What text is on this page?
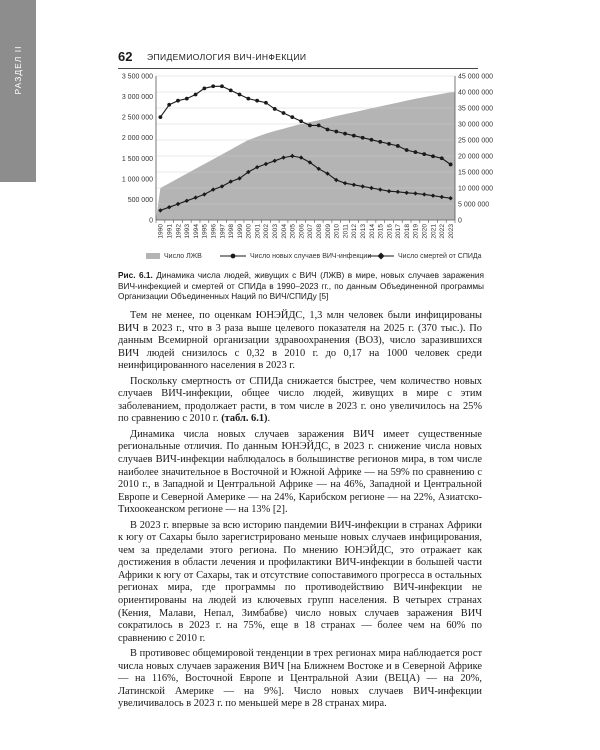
РАЗДЕЛ II	62 ЭПИДЕМИОЛОГИЯ ВИЧ-ИНФЕКЦИИ
0
500 000
1 000 000
1 500 000
2 000 000
2 500 000
3 000 000
3 500 000
0
5 000 000
10 000 000
15 000 000
20 000 000
25 000 000
30 000 000
35 000 000
40 000 000
45 000 000
1990 1991 1992 1993 1994 1995 1996 1997 1998 1999 2000 2001 2002 2003 2004 2005 2006 2007 2008 2009 2010 2011 2012 2013 2014 2015 2016 2017 2018 2019 2020 2021 2022 2023
Число ЛЖВ	Число новых случаев ВИЧ-инфекции	Число смертей от СПИДа

Рис. 6.1. Динамика числа людей, живущих с ВИЧ (ЛЖВ) в мире, новых случаев заражения ВИЧ-инфекцией и смертей от СПИДа в 1990–2023 гг., по данным Объединенной программы Организации Объединенных Наций по ВИЧ/СПИДу [5]

Тем не менее, по оценкам ЮНЭЙДС, 1,3 млн человек были инфицированы ВИЧ в 2023 г., что в 3 раза выше целевого показателя на 2025 г. (370 тыс.). По данным Всемирной организации здравоохранения (ВОЗ), число заразившихся ВИЧ людей снизилось с 0,32 в 2010 г. до 0,17 на 1000 человек среди неинфицированного населения в 2023 г.

Поскольку смертность от СПИДа снижается быстрее, чем количество новых случаев ВИЧ-инфекции, общее число людей, живущих в мире с этим заболеванием, продолжает расти, в том числе в 2023 г. оно увеличилось на 25% по сравнению с 2010 г. (табл. 6.1).

Динамика числа новых случаев заражения ВИЧ имеет существенные региональные отличия. По данным ЮНЭЙДС, в 2023 г. снижение числа новых случаев ВИЧ-инфекции наблюдалось в большинстве регионов мира, в том числе наиболее значительное в Восточной и Южной Африке — на 59% по сравнению с 2010 г., в Западной и Центральной Африке — на 46%, Западной и Центральной Европе и Северной Америке — на 24%, Карибском регионе — на 22%, Азиатско-Тихоокеанском регионе — на 13% [2].

В 2023 г. впервые за всю историю пандемии ВИЧ-инфекции в странах Африки к югу от Сахары было зарегистрировано меньше новых случаев инфицирования, чем за пределами этого региона. По мнению ЮНЭЙДС, это отражает как достижения в области лечения и профилактики ВИЧ-инфекции в большей части Африки к югу от Сахары, так и отсутствие сопоставимого прогресса в остальных регионах мира, где программы по противодействию ВИЧ-инфекции не ориентированы на людей из ключевых групп населения. В четырех странах (Кения, Малави, Непал, Зимбабве) число новых случаев заражения ВИЧ сократилось в 2023 г. на 75%, еще в 18 странах — более чем на 60% по сравнению с 2010 г.

В противовес общемировой тенденции в трех регионах мира наблюдается рост числа новых случаев заражения ВИЧ [на Ближнем Востоке и в Северной Африке — на 116%, Восточной Европе и Центральной Азии (ВЕЦА) — на 20%, Латинской Америке — на 9%]. Число новых случаев ВИЧ-инфекции увеличивалось в 2023 г. по меньшей мере в 28 странах мира.
